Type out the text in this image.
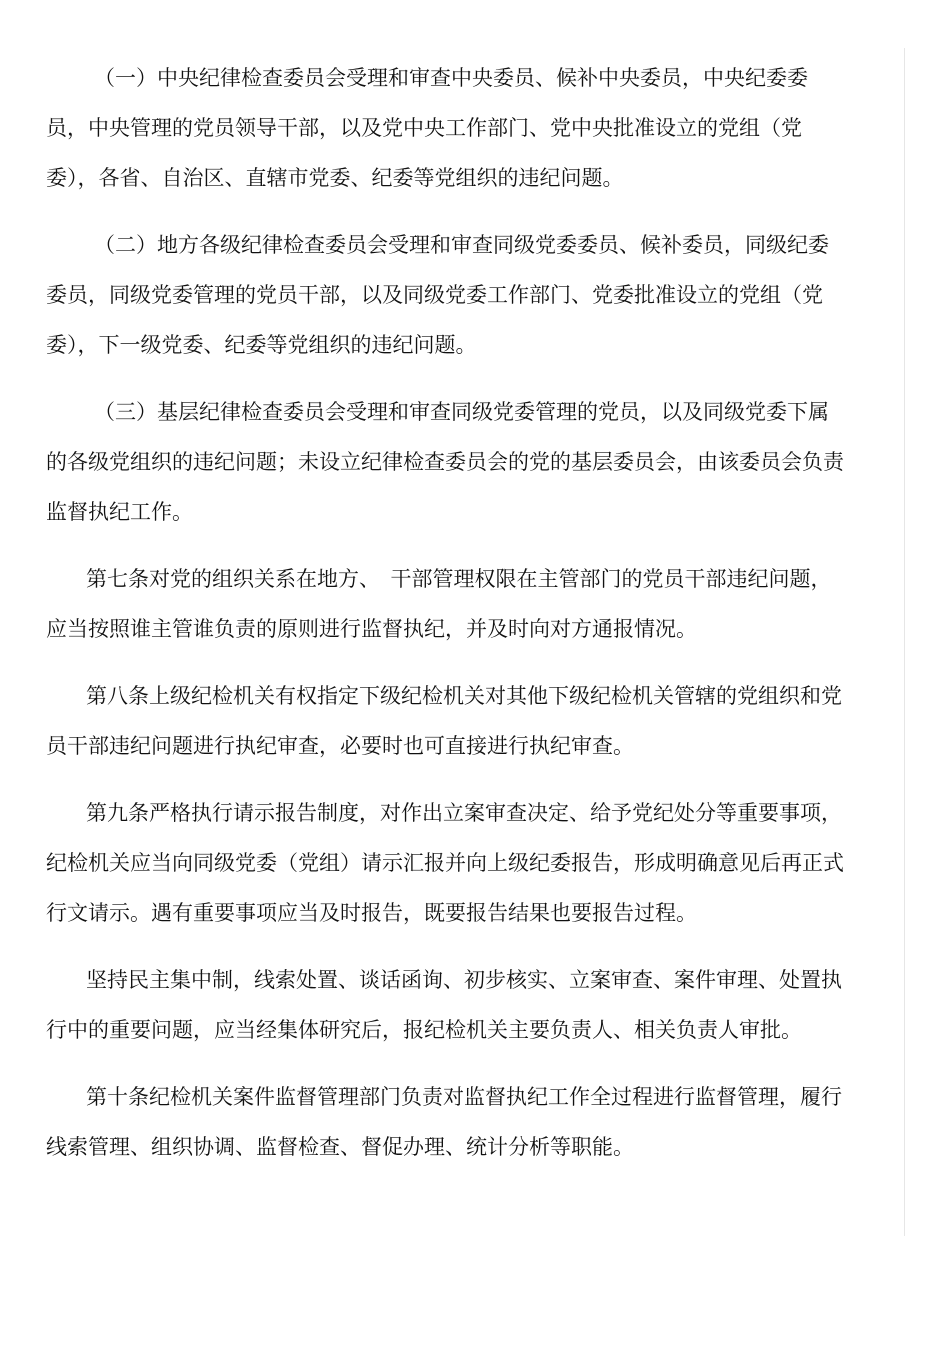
（一）中央纪律检查委员会受理和审查中央委员、候补中央委员，中央纪委委员，中央管理的党员领导干部，以及党中央工作部门、党中央批准设立的党组（党委），各省、自治区、直辖市党委、纪委等党组织的违纪问题。

（二）地方各级纪律检查委员会受理和审查同级党委委员、候补委员，同级纪委委员，同级党委管理的党员干部，以及同级党委工作部门、党委批准设立的党组（党委），下一级党委、纪委等党组织的违纪问题。

（三）基层纪律检查委员会受理和审查同级党委管理的党员，以及同级党委下属的各级党组织的违纪问题；未设立纪律检查委员会的党的基层委员会，由该委员会负责监督执纪工作。

第七条对党的组织关系在地方、　干部管理权限在主管部门的党员干部违纪问题，应当按照谁主管谁负责的原则进行监督执纪，并及时向对方通报情况。

第八条上级纪检机关有权指定下级纪检机关对其他下级纪检机关管辖的党组织和党员干部违纪问题进行执纪审查，必要时也可直接进行执纪审查。

第九条严格执行请示报告制度，对作出立案审查决定、给予党纪处分等重要事项，纪检机关应当向同级党委（党组）请示汇报并向上级纪委报告，形成明确意见后再正式行文请示。遇有重要事项应当及时报告，既要报告结果也要报告过程。

坚持民主集中制，线索处置、谈话函询、初步核实、立案审查、案件审理、处置执行中的重要问题，应当经集体研究后，报纪检机关主要负责人、相关负责人审批。

第十条纪检机关案件监督管理部门负责对监督执纪工作全过程进行监督管理，履行线索管理、组织协调、监督检查、督促办理、统计分析等职能。
